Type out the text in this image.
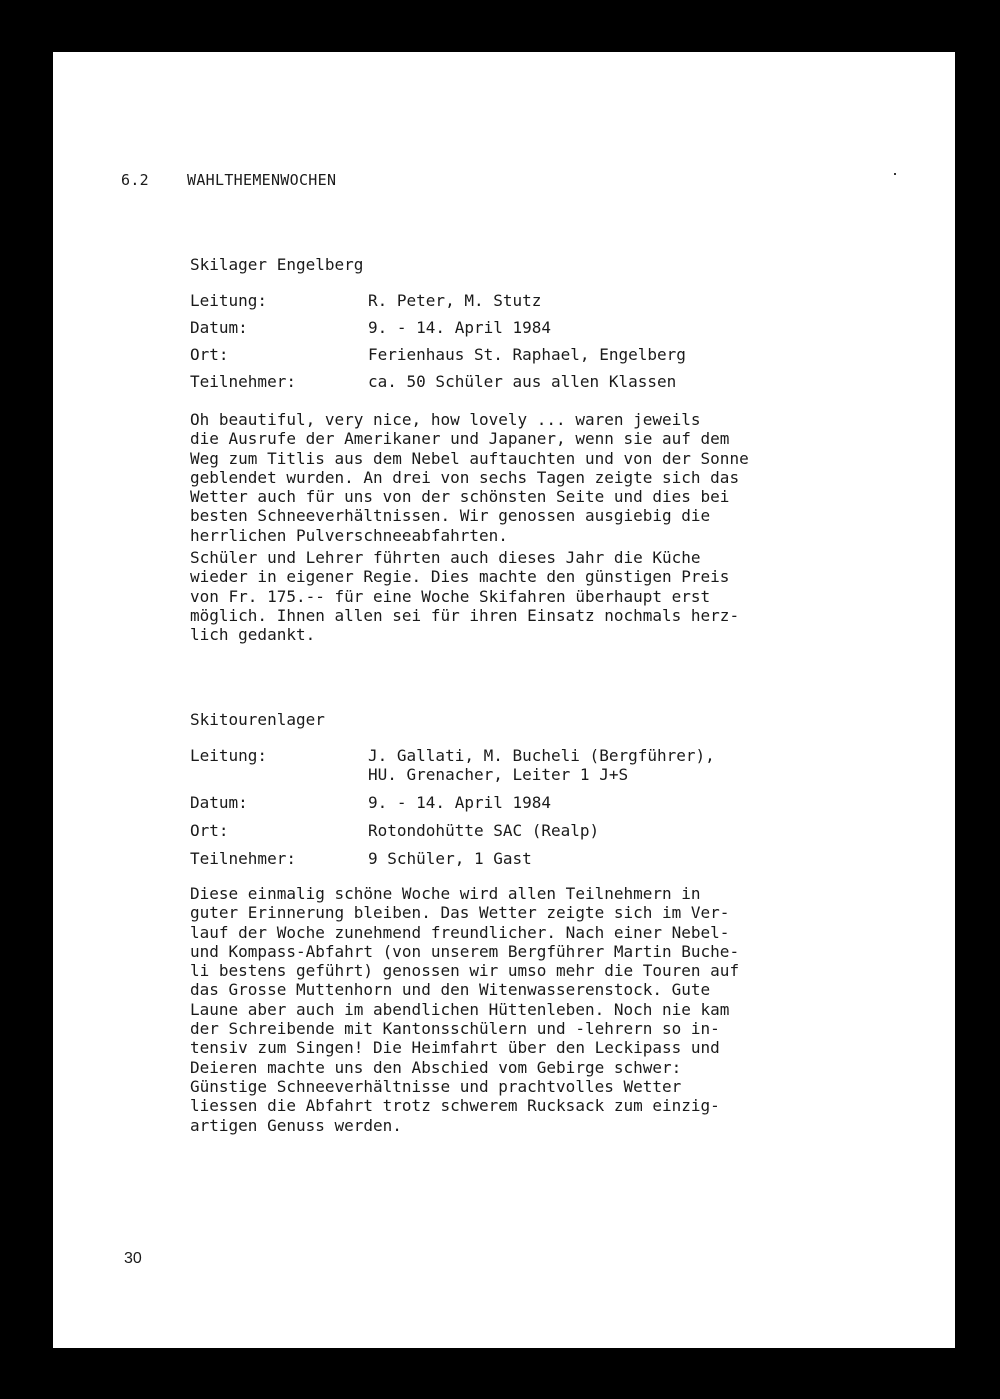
6.2	WAHLTHEMENWOCHEN
Skilager Engelberg
Leitung:	R. Peter, M. Stutz
Datum:	9. - 14. April 1984
Ort:	Ferienhaus St. Raphael, Engelberg
Teilnehmer:	ca. 50 Schüler aus allen Klassen
Oh beautiful, very nice, how lovely ... waren jeweils
die Ausrufe der Amerikaner und Japaner, wenn sie auf dem
Weg zum Titlis aus dem Nebel auftauchten und von der Sonne
geblendet wurden. An drei von sechs Tagen zeigte sich das
Wetter auch für uns von der schönsten Seite und dies bei
besten Schneeverhältnissen. Wir genossen ausgiebig die
herrlichen Pulverschneeabfahrten.
Schüler und Lehrer führten auch dieses Jahr die Küche
wieder in eigener Regie. Dies machte den günstigen Preis
von Fr. 175.-- für eine Woche Skifahren überhaupt erst
möglich. Ihnen allen sei für ihren Einsatz nochmals herz-
lich gedankt.
Skitourenlager
Leitung:	J. Gallati, M. Bucheli (Bergführer),
HU. Grenacher, Leiter 1 J+S
Datum:	9. - 14. April 1984
Ort:	Rotondohütte SAC (Realp)
Teilnehmer:	9 Schüler, 1 Gast
Diese einmalig schöne Woche wird allen Teilnehmern in
guter Erinnerung bleiben. Das Wetter zeigte sich im Ver-
lauf der Woche zunehmend freundlicher. Nach einer Nebel-
und Kompass-Abfahrt (von unserem Bergführer Martin Buche-
li bestens geführt) genossen wir umso mehr die Touren auf
das Grosse Muttenhorn und den Witenwasserenstock. Gute
Laune aber auch im abendlichen Hüttenleben. Noch nie kam
der Schreibende mit Kantonsschülern und -lehrern so in-
tensiv zum Singen! Die Heimfahrt über den Leckipass und
Deieren machte uns den Abschied vom Gebirge schwer:
Günstige Schneeverhältnisse und prachtvolles Wetter
liessen die Abfahrt trotz schwerem Rucksack zum einzig-
artigen Genuss werden.
30
